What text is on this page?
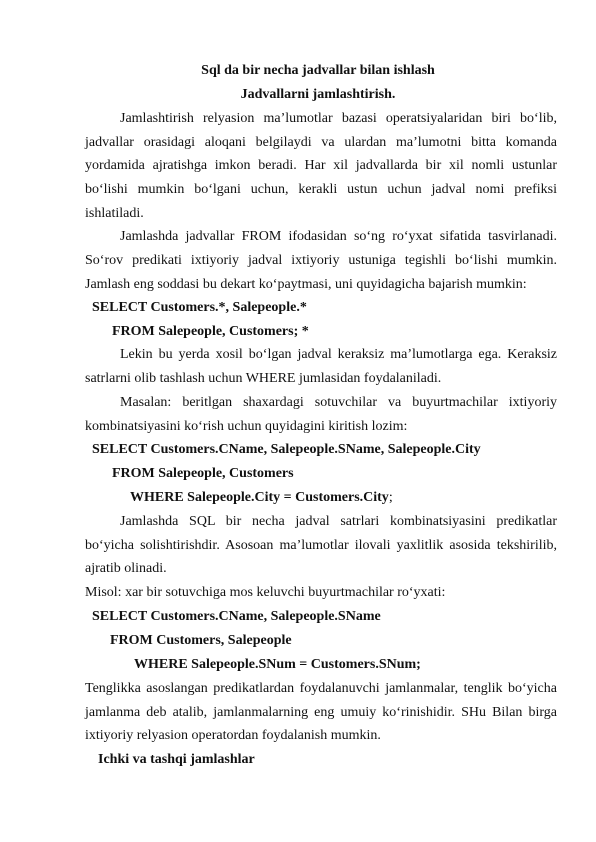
Sql da bir necha jadvallar bilan ishlash
Jadvallarni jamlashtirish.
Jamlashtirish relyasion ma’lumotlar bazasi operatsiyalaridan biri bo‘lib,
jadvallar orasidagi aloqani belgilaydi va ulardan ma’lumotni bitta komanda
yordamida ajratishga imkon beradi. Har xil jadvallarda bir xil nomli ustunlar
bo‘lishi mumkin bo‘lgani uchun, kerakli ustun uchun jadval nomi prefiksi
ishlatiladi.
Jamlashda jadvallar FROM ifodasidan so‘ng ro‘yxat sifatida tasvirlanadi.
So‘rov predikati ixtiyoriy jadval ixtiyoriy ustuniga tegishli bo‘lishi mumkin.
Jamlash eng soddasi bu dekart ko‘paytmasi, uni quyidagicha bajarish mumkin:
SELECT Customers.*, Salepeople.*
FROM Salepeople, Customers; *
Lekin bu yerda xosil bo‘lgan jadval keraksiz ma’lumotlarga ega. Keraksiz
satrlarni olib tashlash uchun WHERE jumlasidan foydalaniladi.
Masalan: beritlgan shaxardagi sotuvchilar va buyurtmachilar ixtiyoriy
kombinatsiyasini ko‘rish uchun quyidagini kiritish lozim:
SELECT Customers.CName, Salepeople.SName, Salepeople.City
FROM Salepeople, Customers
WHERE Salepeople.City = Customers.City;
Jamlashda SQL bir necha jadval satrlari kombinatsiyasini predikatlar
bo‘yicha solishtirishdir. Asosoan ma’lumotlar ilovali yaxlitlik asosida tekshirilib,
ajratib olinadi.
Misol: xar bir sotuvchiga mos keluvchi buyurtmachilar ro‘yxati:
SELECT Customers.CName, Salepeople.SName
FROM Customers, Salepeople
WHERE Salepeople.SNum = Customers.SNum;
Tenglikka asoslangan predikatlardan foydalanuvchi jamlanmalar, tenglik bo‘yicha
jamlanma deb atalib, jamlanmalarning eng umuiy ko‘rinishidir. SHu Bilan birga
ixtiyoriy relyasion operatordan foydalanish mumkin.
Ichki va tashqi jamlashlar
